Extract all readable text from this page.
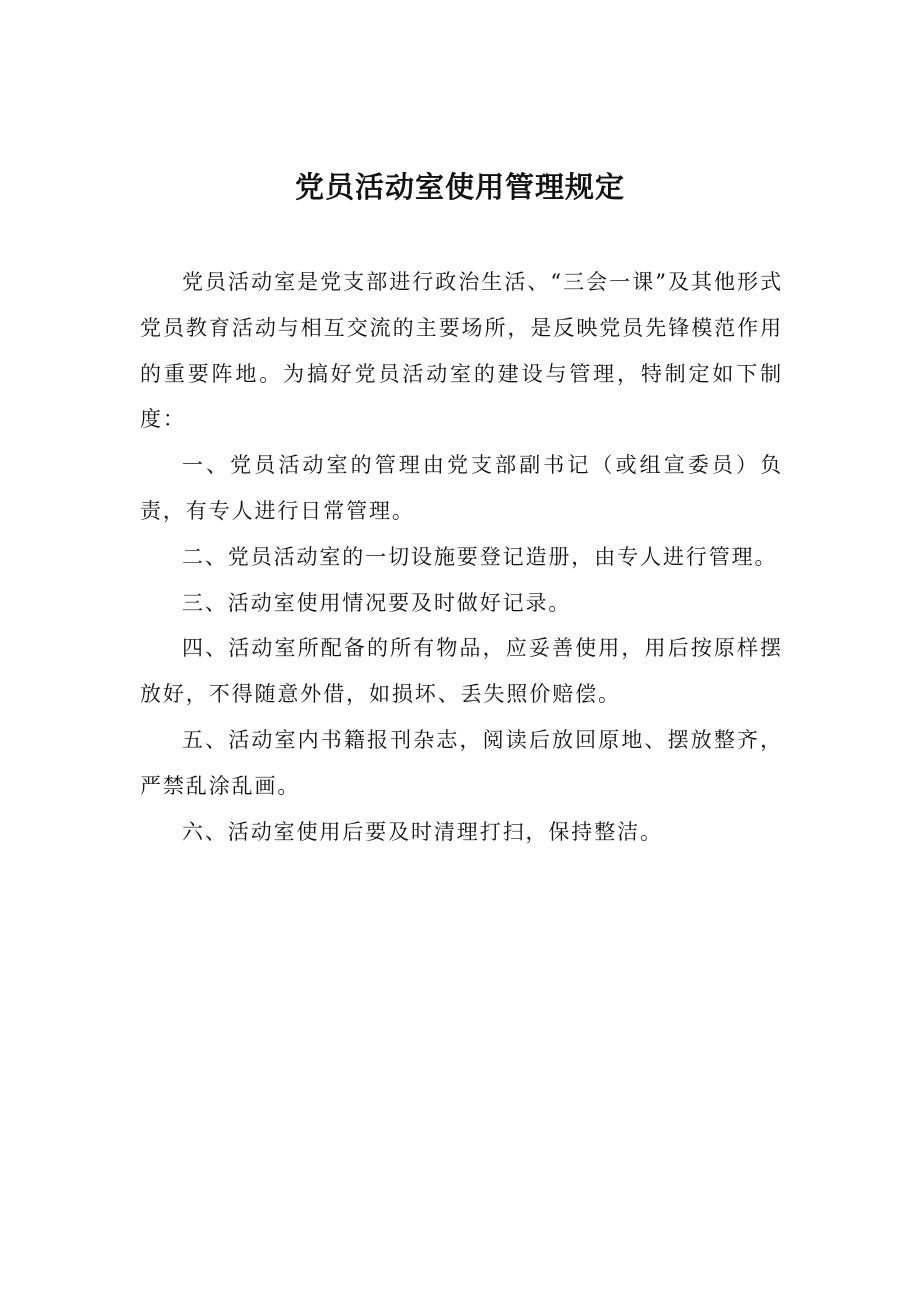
党员活动室使用管理规定

党员活动室是党支部进行政治生活、“三会一课”及其他形式党员教育活动与相互交流的主要场所，是反映党员先锋模范作用的重要阵地。为搞好党员活动室的建设与管理，特制定如下制度：

一、党员活动室的管理由党支部副书记（或组宣委员）负责，有专人进行日常管理。

二、党员活动室的一切设施要登记造册，由专人进行管理。

三、活动室使用情况要及时做好记录。

四、活动室所配备的所有物品，应妥善使用，用后按原样摆放好，不得随意外借，如损坏、丢失照价赔偿。

五、活动室内书籍报刊杂志，阅读后放回原地、摆放整齐，严禁乱涂乱画。

六、活动室使用后要及时清理打扫，保持整洁。
